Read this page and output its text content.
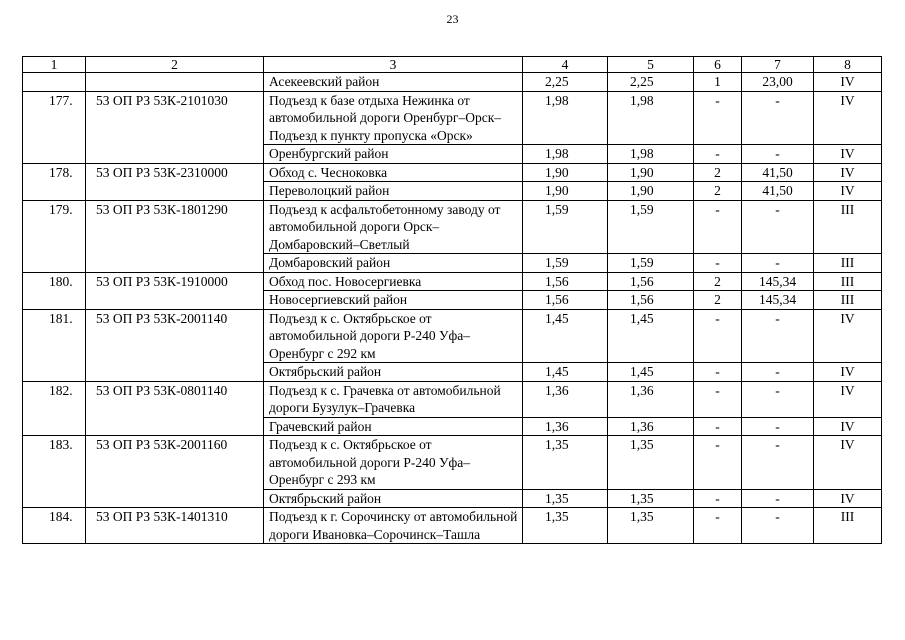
23
1	2	3	4	5	6	7	8
		Асекеевский район	2,25	2,25	1	23,00	IV
177.	53 ОП РЗ 53К-2101030	Подъезд к базе отдыха Нежинка от автомобильной дороги Оренбург–Орск–Подъезд к пункту пропуска «Орск»	1,98	1,98	-	-	IV
		Оренбургский район	1,98	1,98	-	-	IV
178.	53 ОП РЗ 53К-2310000	Обход с. Чесноковка	1,90	1,90	2	41,50	IV
		Переволоцкий район	1,90	1,90	2	41,50	IV
179.	53 ОП РЗ 53К-1801290	Подъезд к асфальтобетонному заводу от автомобильной дороги Орск–Домбаровский–Светлый	1,59	1,59	-	-	III
		Домбаровский район	1,59	1,59	-	-	III
180.	53 ОП РЗ 53К-1910000	Обход пос. Новосергиевка	1,56	1,56	2	145,34	III
		Новосергиевский район	1,56	1,56	2	145,34	III
181.	53 ОП РЗ 53К-2001140	Подъезд к с. Октябрьское от автомобильной дороги Р-240 Уфа–Оренбург с 292 км	1,45	1,45	-	-	IV
		Октябрьский район	1,45	1,45	-	-	IV
182.	53 ОП РЗ 53К-0801140	Подъезд к с. Грачевка от автомобильной дороги Бузулук–Грачевка	1,36	1,36	-	-	IV
		Грачевский район	1,36	1,36	-	-	IV
183.	53 ОП РЗ 53К-2001160	Подъезд к с. Октябрьское от автомобильной дороги Р-240 Уфа–Оренбург с 293 км	1,35	1,35	-	-	IV
		Октябрьский район	1,35	1,35	-	-	IV
184.	53 ОП РЗ 53К-1401310	Подъезд к г. Сорочинску от автомобильной дороги Ивановка–Сорочинск–Ташла	1,35	1,35	-	-	III
